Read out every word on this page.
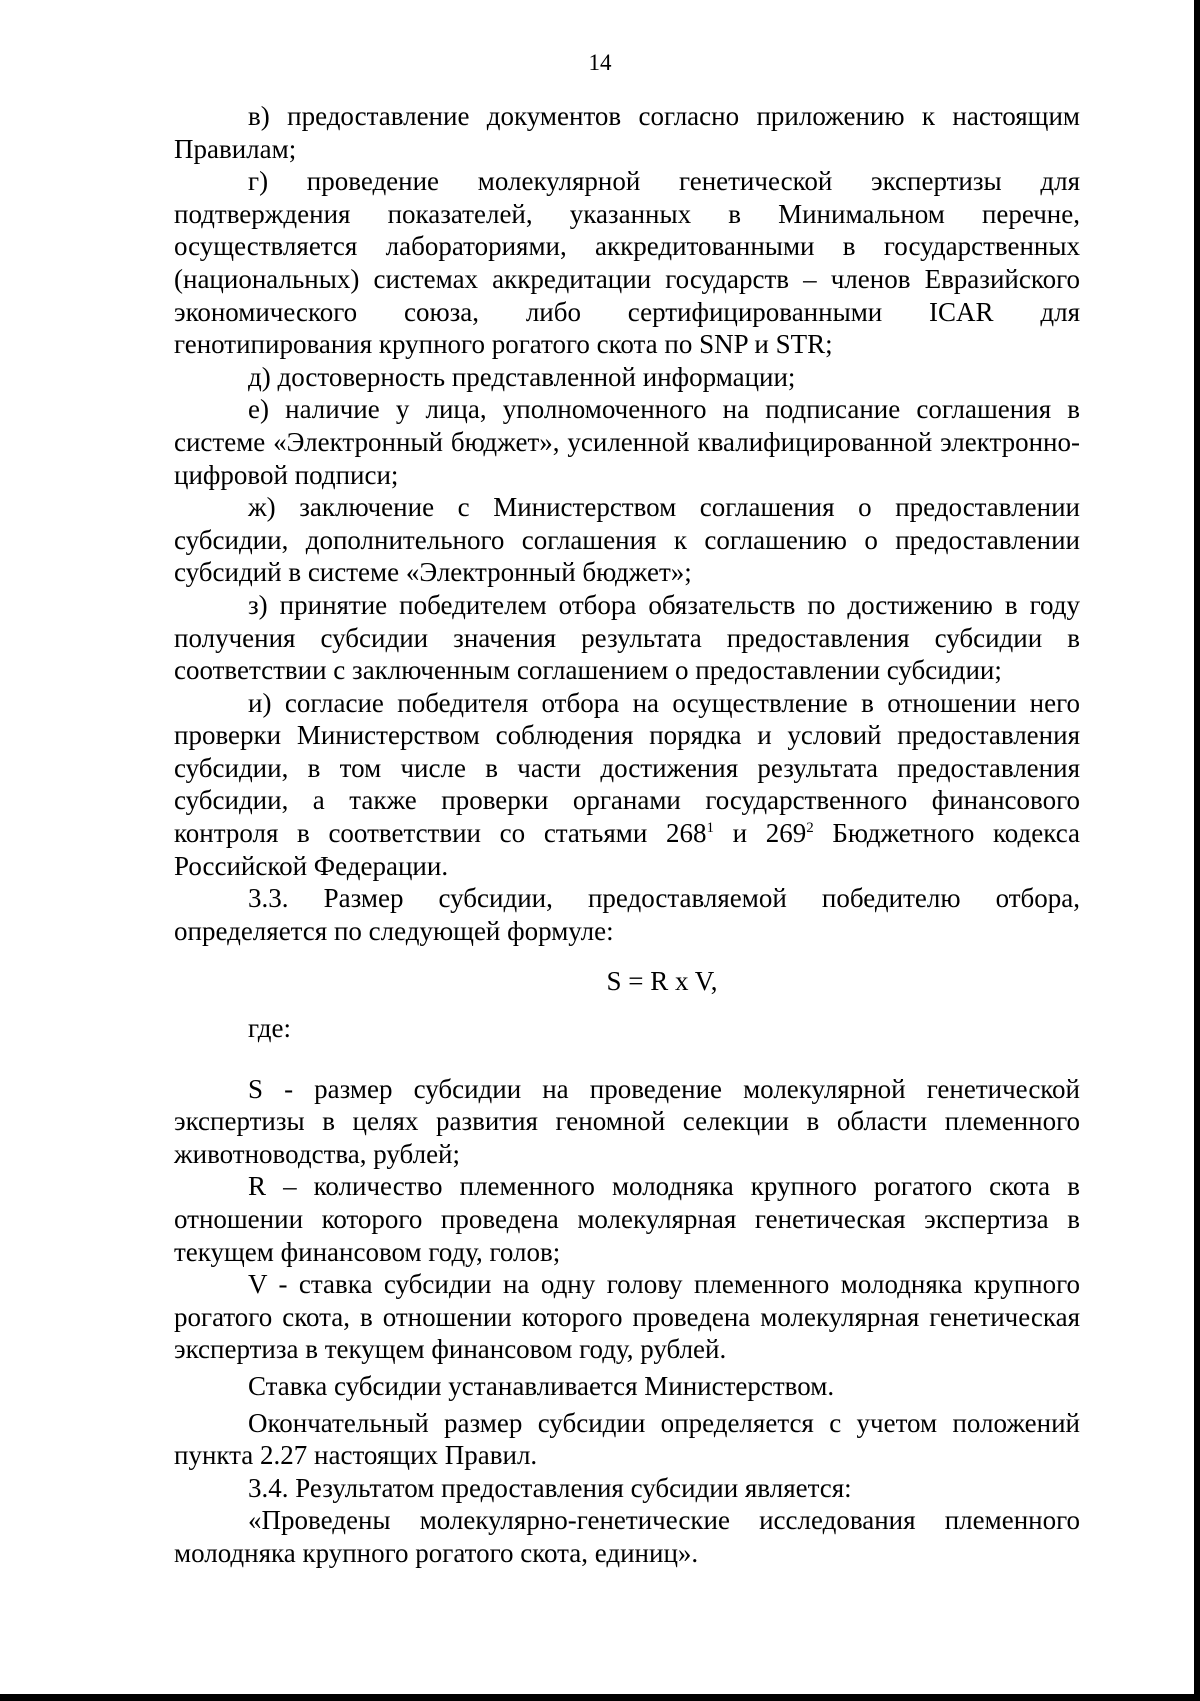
14

в) предоставление документов согласно приложению к настоящим Правилам;

г) проведение молекулярной генетической экспертизы для подтверждения показателей, указанных в Минимальном перечне, осуществляется лабораториями, аккредитованными в государственных (национальных) системах аккредитации государств – членов Евразийского экономического союза, либо сертифицированными ICAR для генотипирования крупного рогатого скота по SNP и STR;

д) достоверность представленной информации;

е) наличие у лица, уполномоченного на подписание соглашения в системе «Электронный бюджет», усиленной квалифицированной электронно-цифровой подписи;

ж) заключение с Министерством соглашения о предоставлении субсидии, дополнительного соглашения к соглашению о предоставлении субсидий в системе «Электронный бюджет»;

з) принятие победителем отбора обязательств по достижению в году получения субсидии значения результата предоставления субсидии в соответствии с заключенным соглашением о предоставлении субсидии;

и) согласие победителя отбора на осуществление в отношении него проверки Министерством соблюдения порядка и условий предоставления субсидии, в том числе в части достижения результата предоставления субсидии, а также проверки органами государственного финансового контроля в соответствии со статьями $268^1$ и $269^2$ Бюджетного кодекса Российской Федерации.

3.3. Размер субсидии, предоставляемой победителю отбора, определяется по следующей формуле:

S = R x V,

где:

S - размер субсидии на проведение молекулярной генетической экспертизы в целях развития геномной селекции в области племенного животноводства, рублей;

R – количество племенного молодняка крупного рогатого скота в отношении которого проведена молекулярная генетическая экспертиза в текущем финансовом году, голов;

V - ставка субсидии на одну голову племенного молодняка крупного рогатого скота, в отношении которого проведена молекулярная генетическая экспертиза в текущем финансовом году, рублей.

Ставка субсидии устанавливается Министерством.

Окончательный размер субсидии определяется с учетом положений пункта 2.27 настоящих Правил.

3.4. Результатом предоставления субсидии является:

«Проведены молекулярно-генетические исследования племенного молодняка крупного рогатого скота, единиц».
